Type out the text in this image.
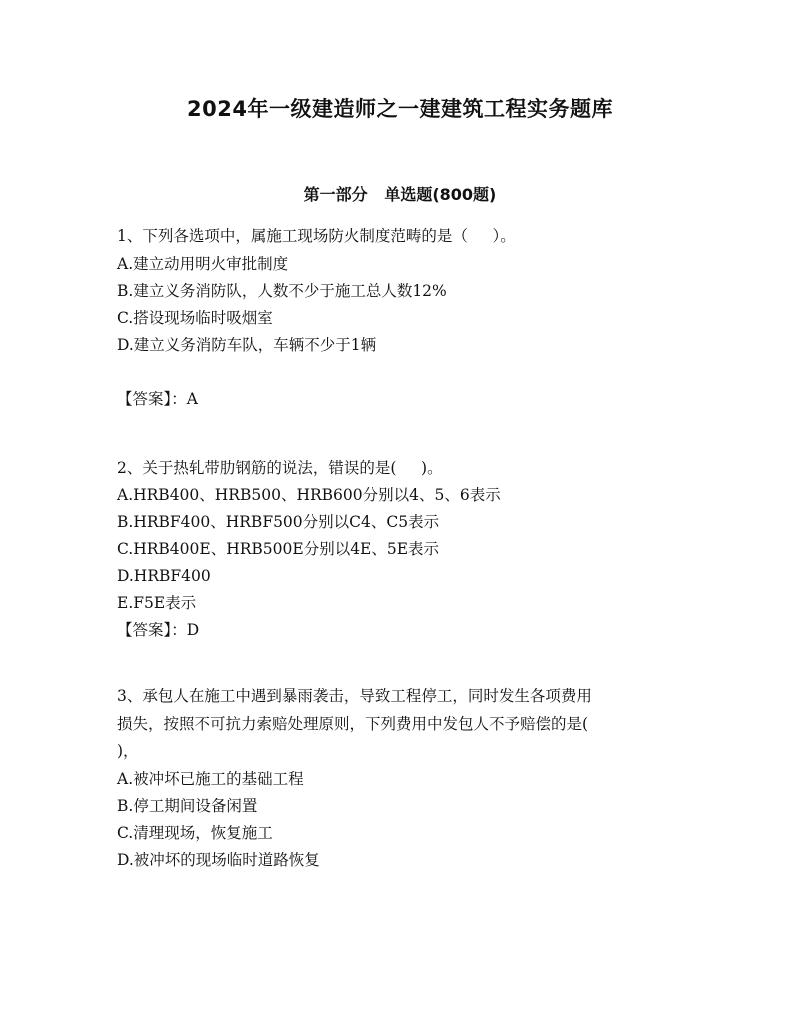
2024年一级建造师之一建建筑工程实务题库
第一部分   单选题(800题)
1、下列各选项中，属施工现场防火制度范畴的是（     ）。
A.建立动用明火审批制度
B.建立义务消防队，人数不少于施工总人数12%
C.搭设现场临时吸烟室
D.建立义务消防车队，车辆不少于1辆
【答案】：A
2、关于热轧带肋钢筋的说法，错误的是(     )。
A.HRB400、HRB500、HRB600分别以4、5、6表示
B.HRBF400、HRBF500分别以C4、C5表示
C.HRB400E、HRB500E分别以4E、5E表示
D.HRBF400
E.F5E表示
【答案】：D
3、承包人在施工中遇到暴雨袭击，导致工程停工，同时发生各项费用
损失，按照不可抗力索赔处理原则，下列费用中发包人不予赔偿的是(
)，
A.被冲坏已施工的基础工程
B.停工期间设备闲置
C.清理现场，恢复施工
D.被冲坏的现场临时道路恢复
